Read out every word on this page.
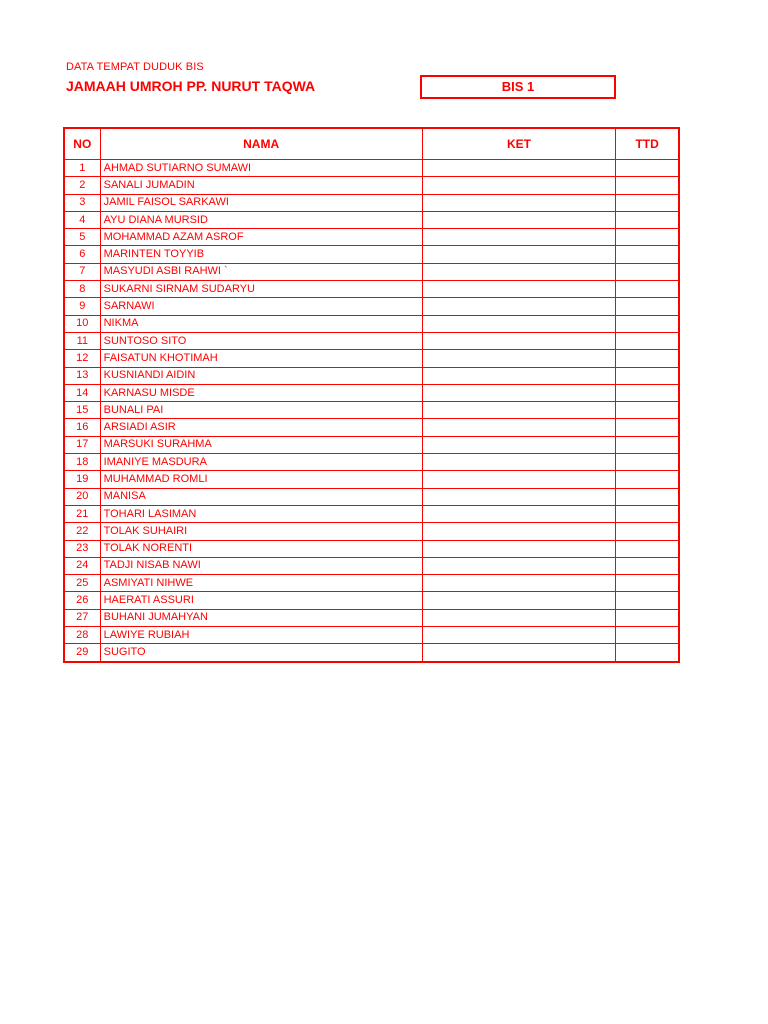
DATA TEMPAT DUDUK BIS
JAMAAH UMROH PP. NURUT TAQWA	BIS 1
NO	NAMA	KET	TTD
1	AHMAD SUTIARNO SUMAWI		
2	SANALI JUMADIN		
3	JAMIL FAISOL SARKAWI		
4	AYU DIANA MURSID		
5	MOHAMMAD AZAM ASROF		
6	MARINTEN TOYYIB		
7	MASYUDI ASBI RAHWI `		
8	SUKARNI SIRNAM SUDARYU		
9	SARNAWI		
10	NIKMA		
11	SUNTOSO SITO		
12	FAISATUN KHOTIMAH		
13	KUSNIANDI AIDIN		
14	KARNASU MISDE		
15	BUNALI PAI		
16	ARSIADI ASIR		
17	MARSUKI SURAHMA		
18	IMANIYE MASDURA		
19	MUHAMMAD ROMLI		
20	MANISA		
21	TOHARI LASIMAN		
22	TOLAK SUHAIRI		
23	TOLAK NORENTI		
24	TADJI NISAB NAWI		
25	ASMIYATI NIHWE		
26	HAERATI ASSURI		
27	BUHANI JUMAHYAN		
28	LAWIYE RUBIAH		
29	SUGITO		
